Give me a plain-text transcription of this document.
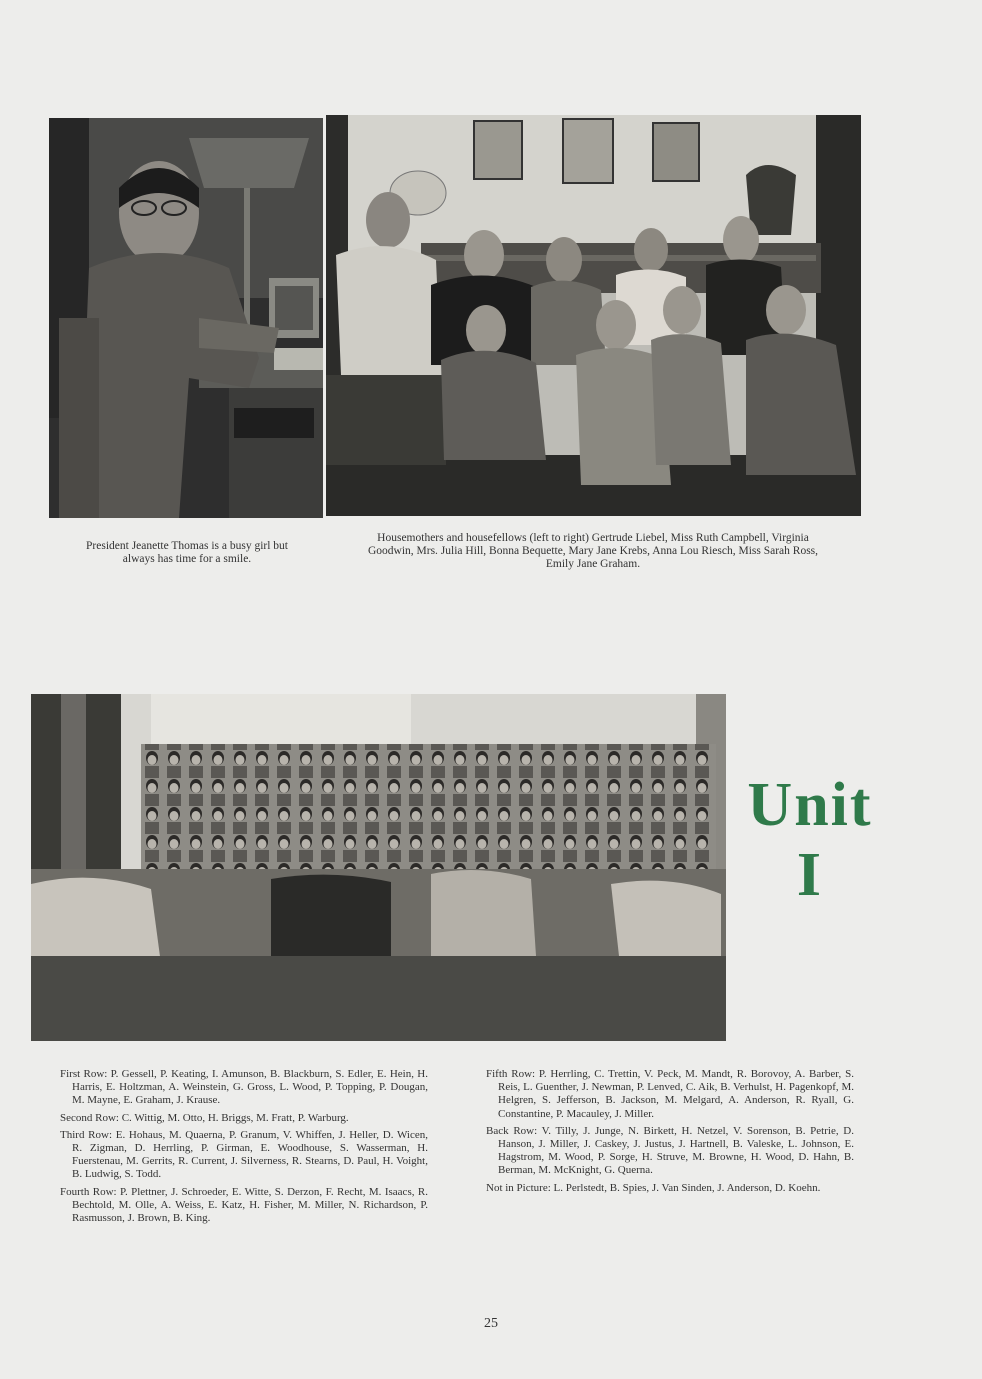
President Jeanette Thomas is a busy girl but always has time for a smile.
Housemothers and housefellows (left to right) Gertrude Liebel, Miss Ruth Campbell, Virginia Goodwin, Mrs. Julia Hill, Bonna Bequette, Mary Jane Krebs, Anna Lou Riesch, Miss Sarah Ross, Emily Jane Graham.
Unit
I

First Row: P. Gessell, P. Keating, I. Amunson, B. Blackburn, S. Edler, E. Hein, H. Harris, E. Holtzman, A. Weinstein, G. Gross, L. Wood, P. Topping, P. Dougan, M. Mayne, E. Graham, J. Krause.

Second Row: C. Wittig, M. Otto, H. Briggs, M. Fratt, P. Warburg.

Third Row: E. Hohaus, M. Quaerna, P. Granum, V. Whiffen, J. Heller, D. Wicen, R. Zigman, D. Herrling, P. Girman, E. Woodhouse, S. Wasserman, H. Fuerstenau, M. Gerrits, R. Current, J. Silverness, R. Stearns, D. Paul, H. Voight, B. Ludwig, S. Todd.

Fourth Row: P. Plettner, J. Schroeder, E. Witte, S. Derzon, F. Recht, M. Isaacs, R. Bechtold, M. Olle, A. Weiss, E. Katz, H. Fisher, M. Miller, N. Richardson, P. Rasmusson, J. Brown, B. King.

Fifth Row: P. Herrling, C. Trettin, V. Peck, M. Mandt, R. Borovoy, A. Barber, S. Reis, L. Guenther, J. Newman, P. Lenved, C. Aik, B. Verhulst, H. Pagenkopf, M. Helgren, S. Jefferson, B. Jackson, M. Melgard, A. Anderson, R. Ryall, G. Constantine, P. Macauley, J. Miller.

Back Row: V. Tilly, J. Junge, N. Birkett, H. Netzel, V. Sorenson, B. Petrie, D. Hanson, J. Miller, J. Caskey, J. Justus, J. Hartnell, B. Valeske, L. Johnson, E. Hagstrom, M. Wood, P. Sorge, H. Struve, M. Browne, H. Wood, D. Hahn, B. Berman, M. McKnight, G. Querna.

Not in Picture: L. Perlstedt, B. Spies, J. Van Sinden, J. Anderson, D. Koehn.

25
